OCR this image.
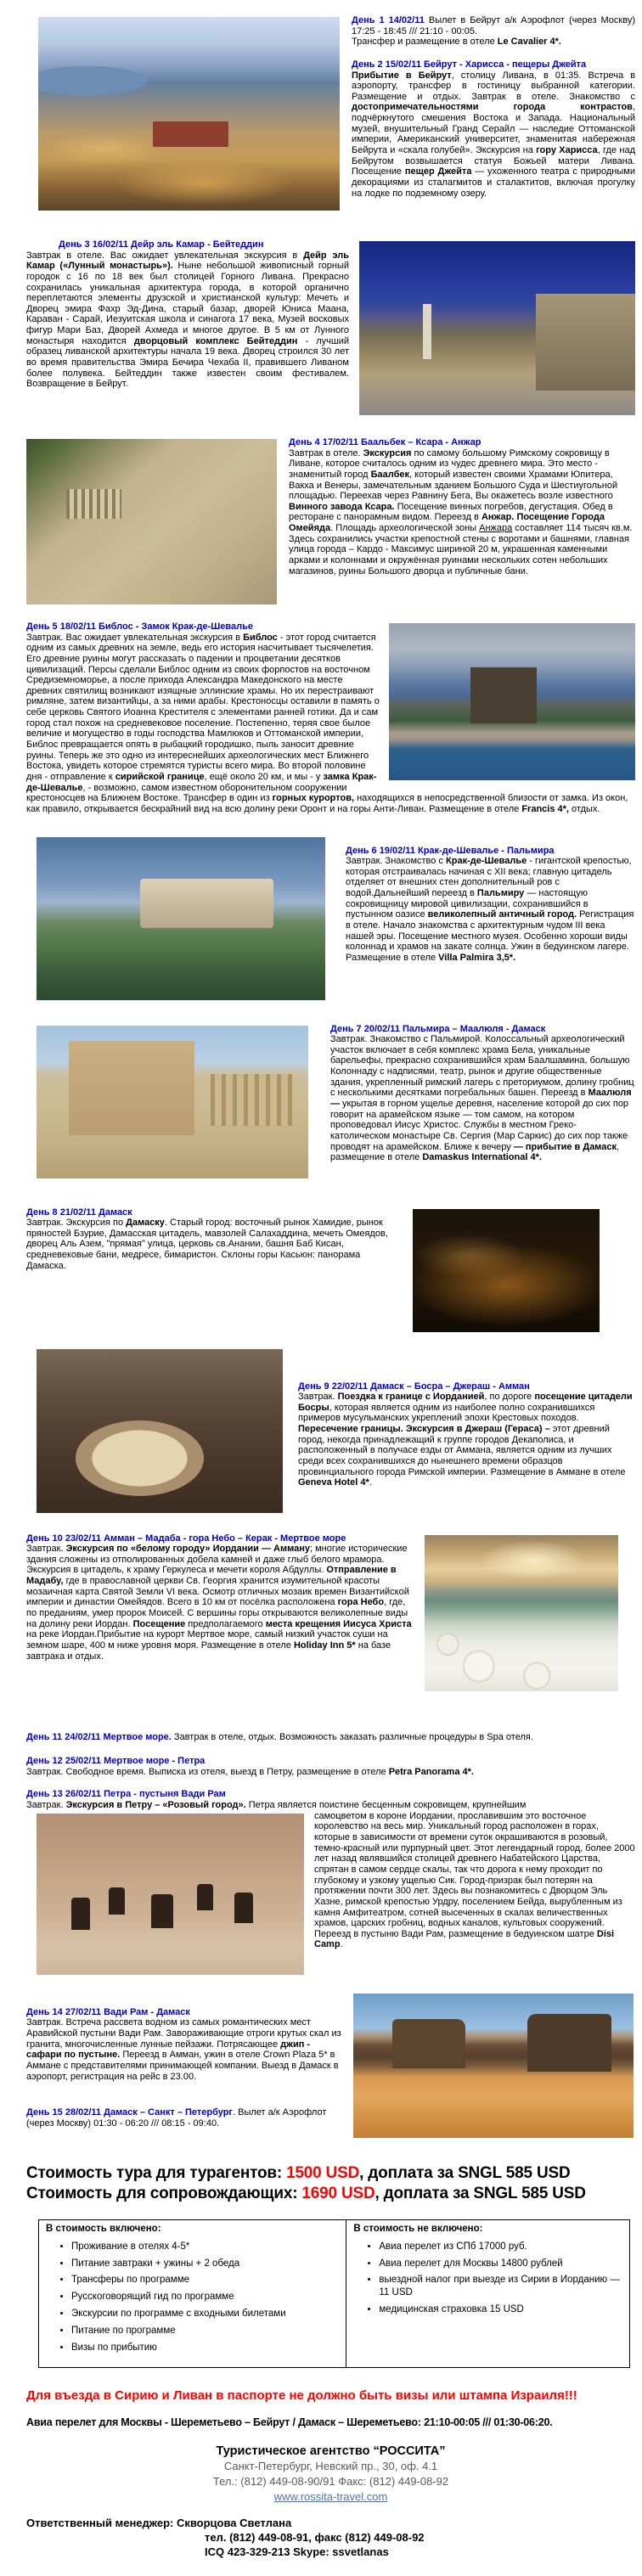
День 1 14/02/11 Вылет в Бейрут а/к Аэрофлот (через Москву) 17:25 - 18:45 /// 21:10 - 00:05.

Трансфер и размещение в отеле Le Cavalier 4*.

День 2 15/02/11 Бейрут - Харисса - пещеры Джейта
Прибытие в Бейрут, столицу Ливана, в 01:35. Встреча в аэропорту, трансфер в гостиницу выбранной категории. Размещение и отдых. Завтрак в отеле. Знакомство с достопримечательностями города контрастов, подчёркнутого смешения Востока и Запада. Национальный музей, внушительный Гранд Серайл — наследие Оттоманской империи, Американский университет, знаменитая набережная Бейрута и «скала голубей». Экскурсия на гору Харисса, где над Бейрутом возвышается статуя Божьей матери Ливана. Посещение пещер Джейта — ухоженного театра с природными декорациями из сталагмитов и сталактитов, включая прогулку на лодке по подземному озеру.
День 3 16/02/11 Дейр эль Камар - Бейтеддин
Завтрак в отеле. Вас ожидает увлекательная экскурсия в Дейр эль Камар («Лунный монастырь»). Ныне небольшой живописный горный городок с 16 по 18 век был столицей Горного Ливана. Прекрасно сохранилась уникальная архитектура города, в которой органично переплетаются элементы друзской и христианской культур: Мечеть и Дворец эмира Фахр Эд-Дина, старый базар, дворей Юниса Маана, Караван - Сарай, Иезуитская школа и синагога 17 века, Музей восковых фигур Мари Баз, Дворей Ахмеда и многое другое. В 5 км от Лунного монастыря находится дворцовый комплекс Бейтеддин - лучший образец ливанской архитектуры начала 19 века. Дворец строился 30 лет во время правительства Эмира Бечира Чехаба II, правившего Ливаном более полувека. Бейтеддин также известен своим фестивалем. Возвращение в Бейрут.
День 4 17/02/11 Баальбек – Ксара - Анжар
Завтрак в отеле. Экскурсия по самому большому Римскому сокровищу в Ливане, которое считалось одним из чудес древнего мира. Это место - знаменитый город Баалбек, который известен своими Храмами Юпитера, Вакха и Венеры, замечательным зданием Большого Суда и Шестиугольной площадью. Переехав через Равнину Бега, Вы окажетесь возле известного Винного завода Ксара. Посещение винных погребов, дегустация. Обед в ресторане с панорамным видом. Переезд в Анжар. Посещение Города Омейяда. Площадь археологической зоны Анжара составляет 114 тысяч кв.м. Здесь сохранились участки крепостной стены с воротами и башнями, главная улица города – Кардо - Максимус шириной 20 м, украшенная каменными арками и колоннами и окружённая руинами нескольких сотен небольших магазинов, руины Большого дворца и публичные бани.
День 5 18/02/11 Библос - Замок Крак-де-Шевалье
Завтрак. Вас ожидает увлекательная экскурсия в Библос - этот город считается одним из самых древних на земле, ведь его история насчитывает тысячелетия. Его древние руины могут рассказать о падении и процветании десятков цивилизаций. Персы сделали Библос одним из своих форпостов на восточном Средиземноморье, а после прихода Александра Македонского на месте древних святилищ возникают изящные эллинские храмы. Но их перестраивают римляне, затем византийцы, а за ними арабы. Крестоносцы оставили в память о себе церковь Святого Иоанна Крестителя с элементами ранней готики. Да и сам город стал похож на средневековое поселение. Постепенно, теряя свое былое величие и могущество в годы господства Мамлюков и Оттоманской империи, Библос превращается опять в рыбацкий городишко, пыль заносит древние руины. Теперь же это одно из интереснейших археологических мест Ближнего Востока, увидеть которое стремятся туристы всего мира. Во второй половине дня - отправление к сирийской границе, ещё около 20 км, и мы - у замка Крак-де-Шевалье, - возможно, самом известном оборонительном сооружении крестоносцев на Ближнем Востоке. Трансфер в один из горных курортов, находящихся в непосредственной близости от замка. Из окон, как правило, открывается бескрайний вид на всю долину реки Оронт и на горы Анти-Ливан. Размещение в отеле Francis 4*, отдых.
День 6 19/02/11 Крак-де-Шевалье - Пальмира
Завтрак. Знакомство с Крак-де-Шевалье - гигантской крепостью, которая отстраивалась начиная с XII века; главную цитадель отделяет от внешних стен дополнительный ров с водой.Дальнейший переезд в Пальмиру — настоящую сокровищницу мировой цивилизации, сохранившийся в пустынном оазисе великолепный античный город. Регистрация в отеле. Начало знакомства с архитектурным чудом III века нашей эры. Посещение местного музея. Особенно хороши виды колоннад и храмов на закате солнца. Ужин в бедуинском лагере. Размещение в отеле Villa Palmira 3,5*.
День 7 20/02/11 Пальмира – Маалюля - Дамаск
Завтрак. Знакомство с Пальмирой. Колоссальный археологический участок включает в себя комплекс храма Бела, уникальные барельефы, прекрасно сохранившийся храм Баалшамина, большую Колоннаду с надписями, театр, рынок и другие общественные здания, укрепленный римский лагерь с преториумом, долину гробниц с несколькими десятками погребальных башен. Переезд в Маалюля — укрытая в горном ущелье деревня, население которой до сих пор говорит на арамейском языке — том самом, на котором проповедовал Иисус Христос. Службы в местном Греко-католическом монастыре Св. Сергия (Мар Саркис) до сих пор также проводят на арамейском. Ближе к вечеру — прибытие в Дамаск, размещение в отеле Damaskus International 4*.
День 8 21/02/11 Дамаск
Завтрак. Экскурсия по Дамаску. Старый город: восточный рынок Хамидие, рынок пряностей Бзурие, Дамасская цитадель, мавзолей Салахаддина, мечеть Омеядов, дворец Аль Азем, "прямая" улица, церковь св.Анании, башня Баб Кисан, средневековые бани, медресе, бимаристон. Склоны горы Касьюн: панорама Дамаска.
День 9 22/02/11 Дамаск – Босра – Джераш - Амман
Завтрак. Поездка к границе с Иорданией, по дороге посещение цитадели Босры, которая является одним из наиболее полно сохранившихся примеров мусульманских укреплений эпохи Крестовых походов. Пересечение границы. Экскурсия в Джераш (Гераса) – этот древний город, некогда принадлежащий к группе городов Декаполиса, и расположенный в получасе езды от Аммана, является одним из лучших среди всех сохранившихся до нынешнего времени образцов провинциального города Римской империи. Размещение в Аммане в отеле Geneva Hotel 4*.
День 10 23/02/11 Амман – Мадаба - гора Небо – Керак - Мертвое море
Завтрак. Экскурсия по «белому городу» Иордании — Амману; многие исторические здания сложены из отполированных добела камней и даже глыб белого мрамора. Экскурсия в цитадель, к храму Геркулеса и мечети короля Абдуллы. Отправление в Мадабу, где в православной церкви Св. Георгия хранится изумительной красоты мозаичная карта Святой Земли VI века. Осмотр отличных мозаик времен Византийской империи и династии Омейядов. Всего в 10 км от посёлка расположена гора Небо, где, по преданиям, умер пророк Моисей. С вершины горы открываются великолепные виды на долину реки Иордан. Посещение предполагаемого места крещения Иисуса Христа на реке Иордан.Прибытие на курорт Мертвое море, самый низкий участок суши на земном шаре, 400 м ниже уровня моря. Размещение в отеле Holiday Inn 5* на базе завтрака и отдых.

День 11 24/02/11 Мертвое море. Завтрак в отеле, отдых. Возможность заказать различные процедуры в Spa отеля.

День 12 25/02/11 Мертвое море - Петра
Завтрак. Свободное время. Выписка из отеля, выезд в Петру, размещение в отеле Petra Panorama 4*.
День 13 26/02/11 Петра - пустыня Вади Рам
Завтрак. Экскурсия в Петру – «Розовый город». Петра является поистине бесценным сокровищем, крупнейшим
самоцветом в короне Иордании, прославившим это восточное королевство на весь мир. Уникальный город расположен в горах, которые в зависимости от времени суток окрашиваются в розовый, темно-красный или пурпурный цвет. Этот легендарный город, более 2000 лет назад являвшийся столицей древнего Набатейского Царства, спрятан в самом сердце скалы, так что дорога к нему проходит по глубокому и узкому ущелью Сик. Город-призрак был потерян на протяжении почти 300 лет. Здесь вы познакомитесь с Дворцом Эль Хазне, римской крепостью Урдру, поселением Бейда, вырубленным из камня Амфитеатром, сотней высеченных в скалах величественных храмов, царских гробниц, водных каналов, культовых сооружений. Переезд в пустыню Вади Рам, размещение в бедуинском шатре Disi Camp.
День 14 27/02/11 Вади Рам - Дамаск
Завтрак. Встреча рассвета водном из самых романтических мест Аравийской пустыни Вади Рам. Завораживающие отроги крутых скал из гранита, многочисленные лунные пейзажи. Потрясающее джип - сафари по пустыне. Переезд в Амман, ужин в отеле Crown Plaza 5* в Аммане с представителями принимающей компании. Выезд в Дамаск в аэропорт, регистрация на рейс в 23.00.

День 15 28/02/11 Дамаск – Санкт – Петербург. Вылет а/к Аэрофлот (через Москву) 01:30 - 06:20 /// 08:15 - 09:40.

Стоимость тура для турагентов: 1500 USD, доплата за SNGL 585 USD
Стоимость для сопровождающих: 1690 USD, доплата за SNGL 585 USD
В стоимость включено:
• Проживание в отелях 4-5*
• Питание завтраки + ужины + 2 обеда
• Трансферы по программе
• Русскоговорящий гид по программе
• Экскурсии по программе с входными билетами
• Питание по программе
• Визы по прибытию
В стоимость не включено:
• Авиа перелет из СПб 17000 руб.
• Авиа перелет для Москвы 14800 рублей
• выездной налог при выезде из Сирии в Иорданию — 11 USD
• медицинская страховка 15 USD
Для въезда в Сирию и Ливан в паспорте не должно быть визы или штампа Израиля!!!
Авиа перелет для Москвы - Шереметьево – Бейрут / Дамаск – Шереметьево: 21:10-00:05 /// 01:30-06:20.
Туристическое агентство “РОССИТА”
Санкт-Петербург, Невский пр., 30, оф. 4.1
Тел.: (812) 449-08-90/91 Факс: (812) 449-08-92
www.rossita-travel.com
Ответственный менеджер: Скворцова Светлана
тел. (812) 449-08-91, факс (812) 449-08-92
ICQ 423-329-213 Skype: ssvetlanas
